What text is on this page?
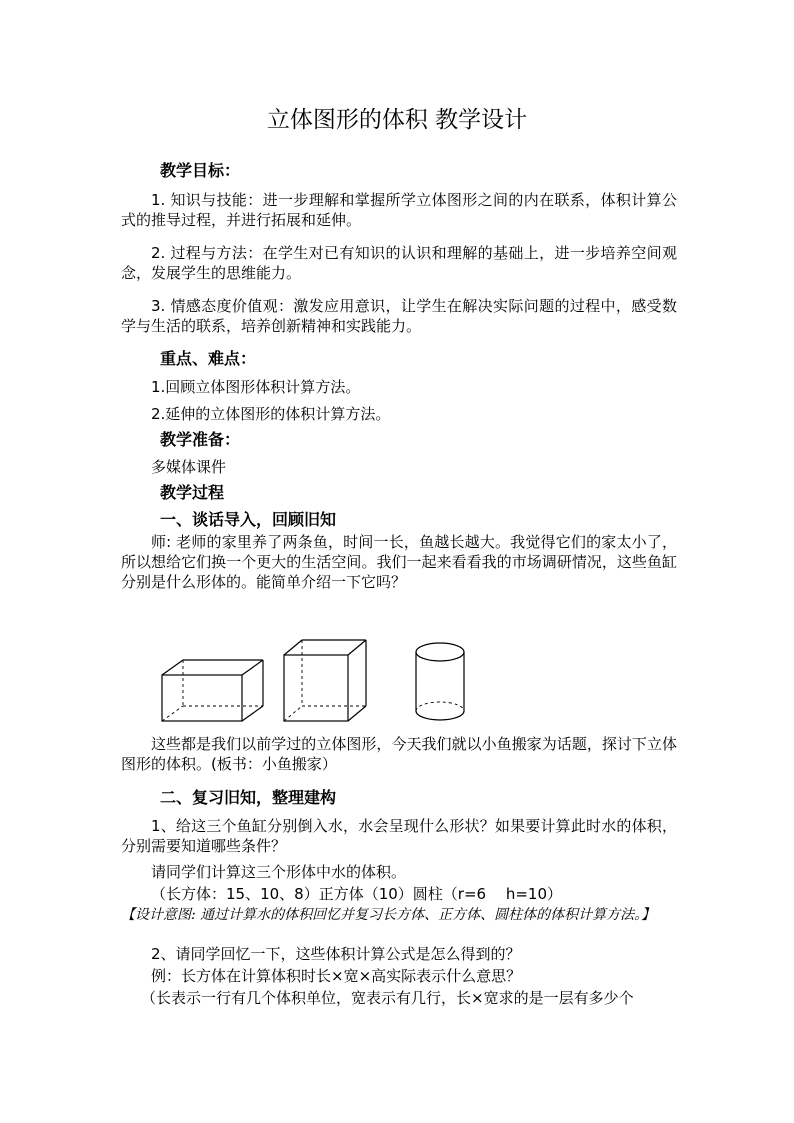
立体图形的体积 教学设计

教学目标：

1. 知识与技能：进一步理解和掌握所学立体图形之间的内在联系，体积计算公式的推导过程，并进行拓展和延伸。

2. 过程与方法：在学生对已有知识的认识和理解的基础上，进一步培养空间观念，发展学生的思维能力。

3. 情感态度价值观：激发应用意识，让学生在解决实际问题的过程中，感受数学与生活的联系，培养创新精神和实践能力。

重点、难点：

1.回顾立体图形体积计算方法。

2.延伸的立体图形的体积计算方法。

教学准备：

多媒体课件

教学过程

一、谈话导入，回顾旧知

师: 老师的家里养了两条鱼，时间一长，鱼越长越大。我觉得它们的家太小了，所以想给它们换一个更大的生活空间。我们一起来看看我的市场调研情况，这些鱼缸分别是什么形体的。能简单介绍一下它吗？

这些都是我们以前学过的立体图形，今天我们就以小鱼搬家为话题，探讨下立体图形的体积。(板书：小鱼搬家）

二、复习旧知，整理建构

1、给这三个鱼缸分别倒入水，水会呈现什么形状？如果要计算此时水的体积，分别需要知道哪些条件？

请同学们计算这三个形体中水的体积。

（长方体：15、10、8）正方体（10）圆柱（r=6　 h=10）

【设计意图: 通过计算水的体积回忆并复习长方体、正方体、圆柱体的体积计算方法。】

2、请同学回忆一下，这些体积计算公式是怎么得到的？

例：长方体在计算体积时长×宽×高实际表示什么意思？

（长表示一行有几个体积单位，宽表示有几行，长×宽求的是一层有多少个
